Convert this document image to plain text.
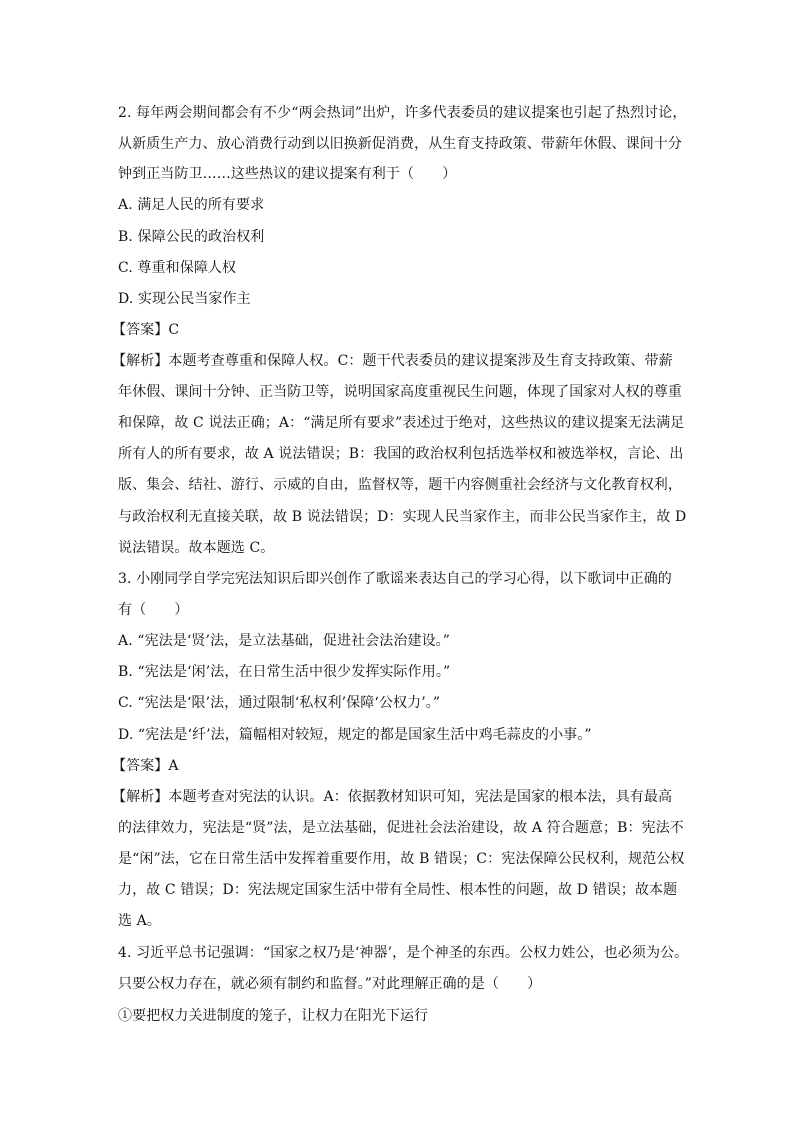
2. 每年两会期间都会有不少“两会热词”出炉，许多代表委员的建议提案也引起了热烈讨论，
从新质生产力、放心消费行动到以旧换新促消费，从生育支持政策、带薪年休假、课间十分
钟到正当防卫……这些热议的建议提案有利于（　　）
A. 满足人民的所有要求
B. 保障公民的政治权利
C. 尊重和保障人权
D. 实现公民当家作主
【答案】C
【解析】本题考查尊重和保障人权。C：题干代表委员的建议提案涉及生育支持政策、带薪
年休假、课间十分钟、正当防卫等，说明国家高度重视民生问题，体现了国家对人权的尊重
和保障，故 C 说法正确；A：“满足所有要求”表述过于绝对，这些热议的建议提案无法满足
所有人的所有要求，故 A 说法错误；B：我国的政治权利包括选举权和被选举权，言论、出
版、集会、结社、游行、示威的自由，监督权等，题干内容侧重社会经济与文化教育权利，
与政治权利无直接关联，故 B 说法错误；D：实现人民当家作主，而非公民当家作主，故 D
说法错误。故本题选 C。
3. 小刚同学自学完宪法知识后即兴创作了歌谣来表达自己的学习心得，以下歌词中正确的
有（　　）
A. “宪法是‘贤’法，是立法基础，促进社会法治建设。”
B. “宪法是‘闲’法，在日常生活中很少发挥实际作用。”
C. “宪法是‘限’法，通过限制‘私权利’保障‘公权力’。”
D. “宪法是‘纤’法，篇幅相对较短，规定的都是国家生活中鸡毛蒜皮的小事。”
【答案】A
【解析】本题考查对宪法的认识。A：依据教材知识可知，宪法是国家的根本法，具有最高
的法律效力，宪法是“贤”法，是立法基础，促进社会法治建设，故 A 符合题意；B：宪法不
是“闲”法，它在日常生活中发挥着重要作用，故 B 错误；C：宪法保障公民权利，规范公权
力，故 C 错误；D：宪法规定国家生活中带有全局性、根本性的问题，故 D 错误；故本题
选 A。
4. 习近平总书记强调：“国家之权乃是‘神器’，是个神圣的东西。公权力姓公，也必须为公。
只要公权力存在，就必须有制约和监督。”对此理解正确的是（　　）
①要把权力关进制度的笼子，让权力在阳光下运行
